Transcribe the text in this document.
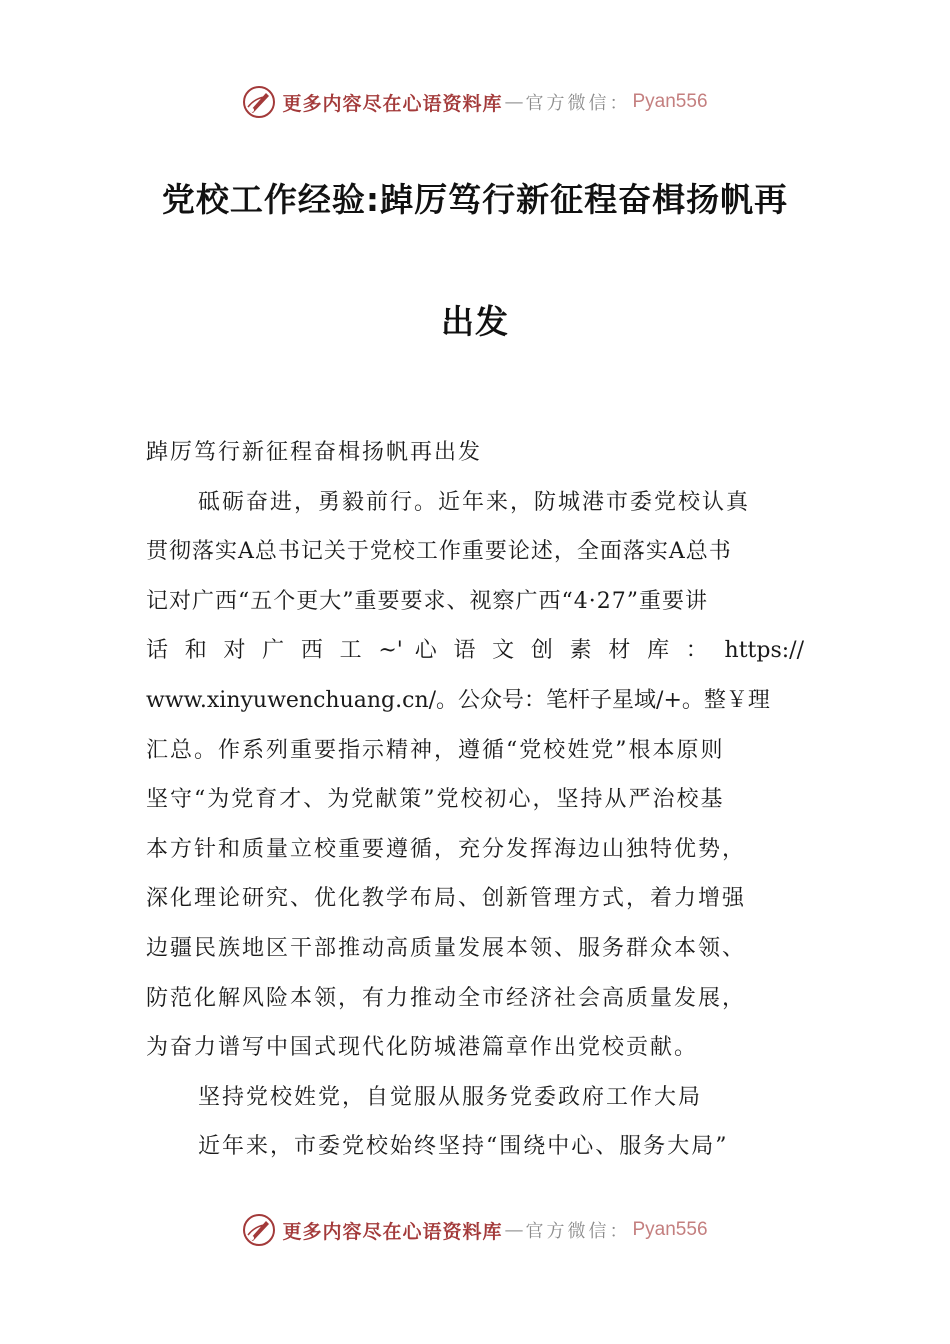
更多内容尽在心语资料库 — 官方微信： Pyan556
党校工作经验:踔厉笃行新征程奋楫扬帆再
出发

踔厉笃行新征程奋楫扬帆再出发

砥砺奋进，勇毅前行。近年来，防城港市委党校认真

贯彻落实A总书记关于党校工作重要论述，全面落实A总书

记对广西“五个更大”重要要求、视察广西“4·27”重要讲

话 和 对 广 西 工 ~' 心 语 文 创 素 材 库 ： https://

www.xinyuwenchuang.cn/。公众号：笔杆子星域/+。整￥理

汇总。作系列重要指示精神，遵循“党校姓党”根本原则

坚守“为党育才、为党献策”党校初心，坚持从严治校基

本方针和质量立校重要遵循，充分发挥海边山独特优势，

深化理论研究、优化教学布局、创新管理方式，着力增强

边疆民族地区干部推动高质量发展本领、服务群众本领、

防范化解风险本领，有力推动全市经济社会高质量发展，

为奋力谱写中国式现代化防城港篇章作出党校贡献。

坚持党校姓党，自觉服从服务党委政府工作大局

近年来，市委党校始终坚持“围绕中心、服务大局”

更多内容尽在心语资料库 — 官方微信： Pyan556
